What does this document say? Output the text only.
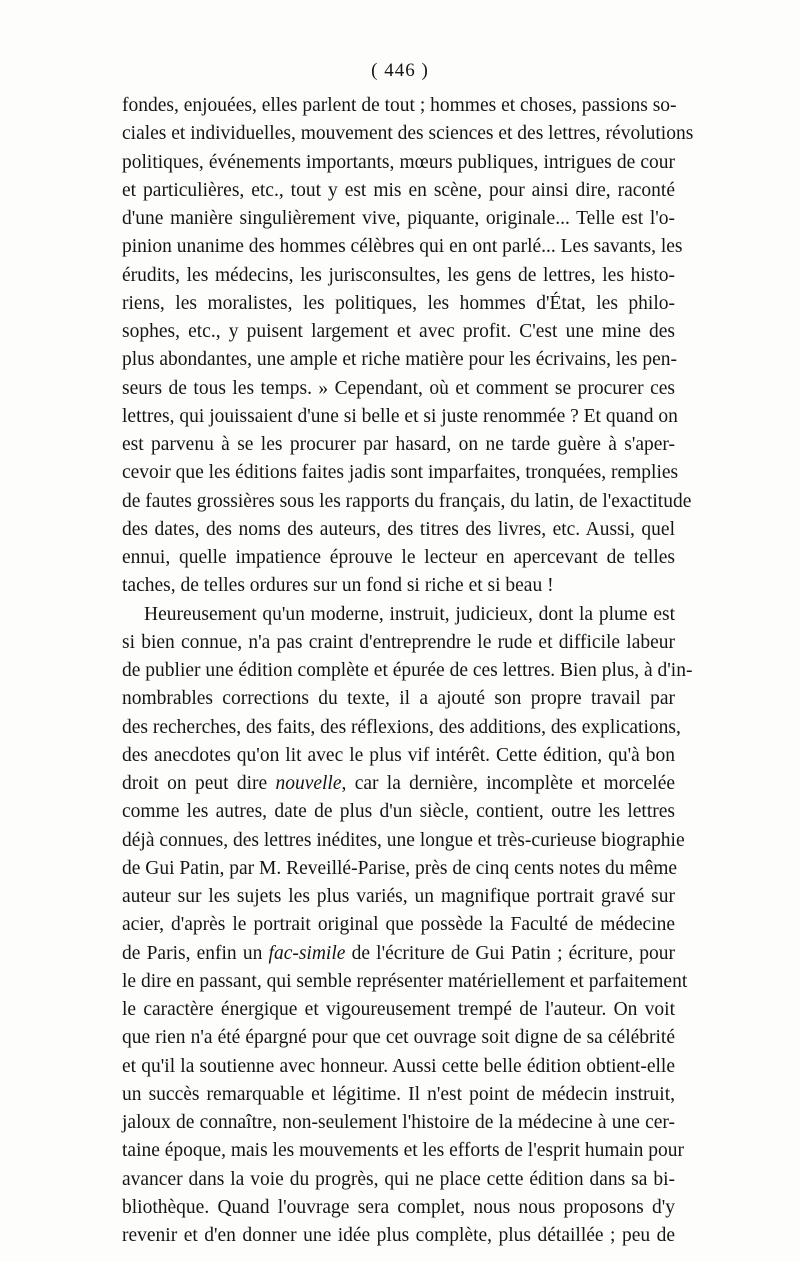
( 446 )
fondes, enjouées, elles parlent de tout ; hommes et choses, passions so-
ciales et individuelles, mouvement des sciences et des lettres, révolutions
politiques, événements importants, mœurs publiques, intrigues de cour
et particulières, etc., tout y est mis en scène, pour ainsi dire, raconté
d'une manière singulièrement vive, piquante, originale... Telle est l'o-
pinion unanime des hommes célèbres qui en ont parlé... Les savants, les
érudits, les médecins, les jurisconsultes, les gens de lettres, les histo-
riens, les moralistes, les politiques, les hommes d'État, les philo-
sophes, etc., y puisent largement et avec profit. C'est une mine des
plus abondantes, une ample et riche matière pour les écrivains, les pen-
seurs de tous les temps. » Cependant, où et comment se procurer ces
lettres, qui jouissaient d'une si belle et si juste renommée ? Et quand on
est parvenu à se les procurer par hasard, on ne tarde guère à s'aper-
cevoir que les éditions faites jadis sont imparfaites, tronquées, remplies
de fautes grossières sous les rapports du français, du latin, de l'exactitude
des dates, des noms des auteurs, des titres des livres, etc. Aussi, quel
ennui, quelle impatience éprouve le lecteur en apercevant de telles
taches, de telles ordures sur un fond si riche et si beau !
Heureusement qu'un moderne, instruit, judicieux, dont la plume est
si bien connue, n'a pas craint d'entreprendre le rude et difficile labeur
de publier une édition complète et épurée de ces lettres. Bien plus, à d'in-
nombrables corrections du texte, il a ajouté son propre travail par
des recherches, des faits, des réflexions, des additions, des explications,
des anecdotes qu'on lit avec le plus vif intérêt. Cette édition, qu'à bon
droit on peut dire nouvelle, car la dernière, incomplète et morcelée
comme les autres, date de plus d'un siècle, contient, outre les lettres
déjà connues, des lettres inédites, une longue et très-curieuse biographie
de Gui Patin, par M. Reveillé-Parise, près de cinq cents notes du même
auteur sur les sujets les plus variés, un magnifique portrait gravé sur
acier, d'après le portrait original que possède la Faculté de médecine
de Paris, enfin un fac-simile de l'écriture de Gui Patin ; écriture, pour
le dire en passant, qui semble représenter matériellement et parfaitement
le caractère énergique et vigoureusement trempé de l'auteur. On voit
que rien n'a été épargné pour que cet ouvrage soit digne de sa célébrité
et qu'il la soutienne avec honneur. Aussi cette belle édition obtient-elle
un succès remarquable et légitime. Il n'est point de médecin instruit,
jaloux de connaître, non-seulement l'histoire de la médecine à une cer-
taine époque, mais les mouvements et les efforts de l'esprit humain pour
avancer dans la voie du progrès, qui ne place cette édition dans sa bi-
bliothèque. Quand l'ouvrage sera complet, nous nous proposons d'y
revenir et d'en donner une idée plus complète, plus détaillée ; peu de
